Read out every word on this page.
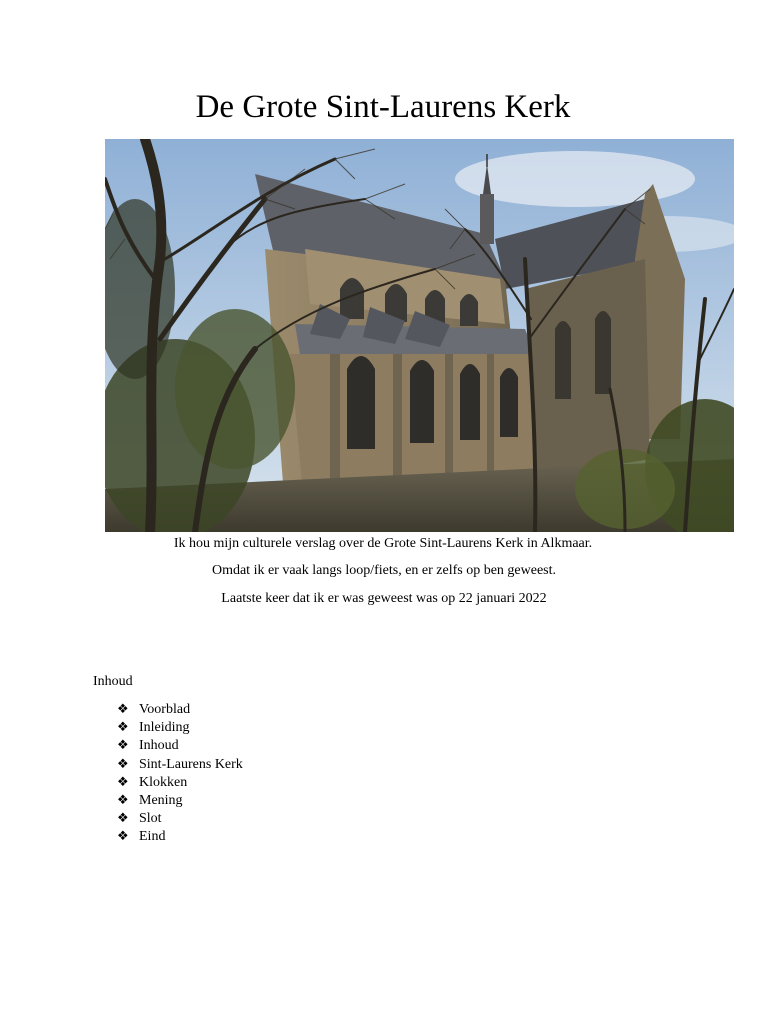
De Grote Sint-Laurens Kerk
Ik hou mijn culturele verslag over de Grote Sint-Laurens Kerk in Alkmaar.
Omdat ik er vaak langs loop/fiets, en er zelfs op ben geweest.
Laatste keer dat ik er was geweest was op 22 januari 2022
Inhoud
❖ Voorblad
❖ Inleiding
❖ Inhoud
❖ Sint-Laurens Kerk
❖ Klokken
❖ Mening
❖ Slot
❖ Eind
